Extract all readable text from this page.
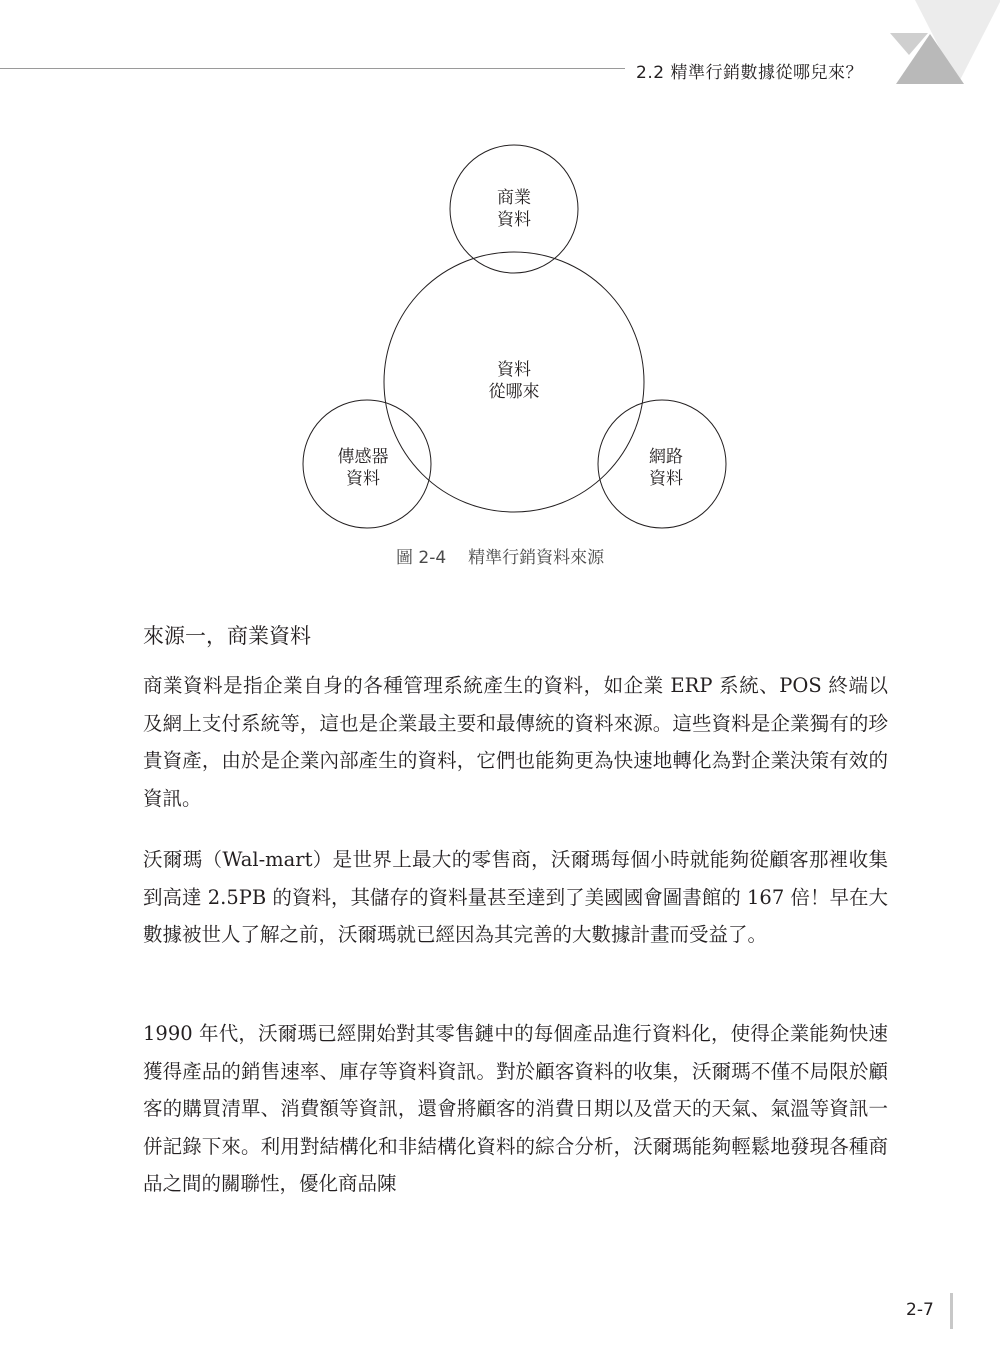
2.2 精準行銷數據從哪兒來？
商業
資料
資料
從哪來
傳感器
資料
網路
資料
圖 2-4 精準行銷資料來源
來源一，商業資料

商業資料是指企業自身的各種管理系統產生的資料，如企業 ERP 系統、POS 終端以及網上支付系統等，這也是企業最主要和最傳統的資料來源。這些資料是企業獨有的珍貴資產，由於是企業內部產生的資料，它們也能夠更為快速地轉化為對企業決策有效的資訊。

沃爾瑪（Wal-mart）是世界上最大的零售商，沃爾瑪每個小時就能夠從顧客那裡收集到高達 2.5PB 的資料，其儲存的資料量甚至達到了美國國會圖書館的 167 倍！早在大數據被世人了解之前，沃爾瑪就已經因為其完善的大數據計畫而受益了。

1990 年代，沃爾瑪已經開始對其零售鏈中的每個產品進行資料化，使得企業能夠快速獲得產品的銷售速率、庫存等資料資訊。對於顧客資料的收集，沃爾瑪不僅不局限於顧客的購買清單、消費額等資訊，還會將顧客的消費日期以及當天的天氣、氣溫等資訊一併記錄下來。利用對結構化和非結構化資料的綜合分析，沃爾瑪能夠輕鬆地發現各種商品之間的關聯性，優化商品陳

2-7
